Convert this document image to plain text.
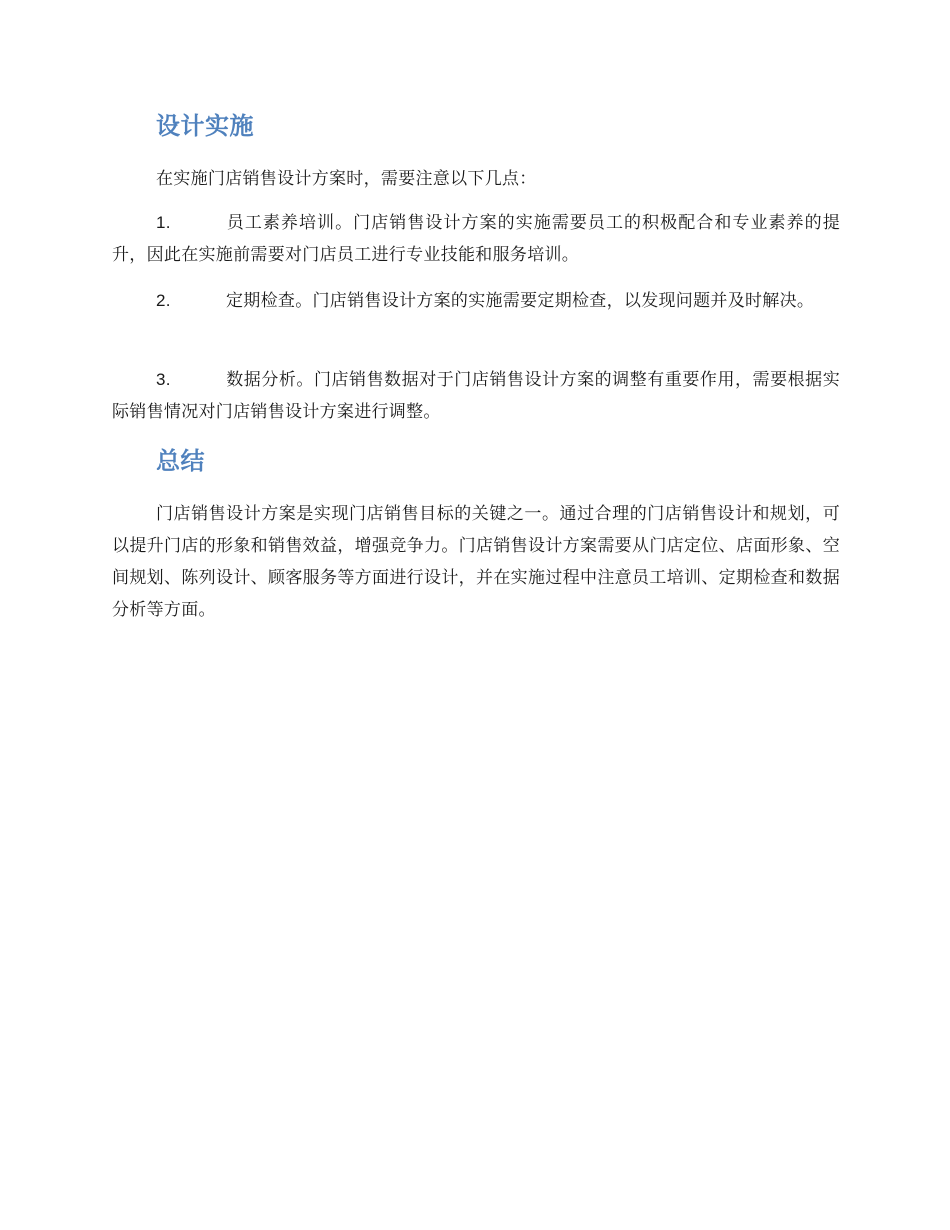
设计实施

在实施门店销售设计方案时，需要注意以下几点：

1.	员工素养培训。门店销售设计方案的实施需要员工的积极配合和专业素养的提升，因此在实施前需要对门店员工进行专业技能和服务培训。

2.	定期检查。门店销售设计方案的实施需要定期检查，以发现问题并及时解决。

3.	数据分析。门店销售数据对于门店销售设计方案的调整有重要作用，需要根据实际销售情况对门店销售设计方案进行调整。

总结

门店销售设计方案是实现门店销售目标的关键之一。通过合理的门店销售设计和规划，可以提升门店的形象和销售效益，增强竞争力。门店销售设计方案需要从门店定位、店面形象、空间规划、陈列设计、顾客服务等方面进行设计，并在实施过程中注意员工培训、定期检查和数据分析等方面。
